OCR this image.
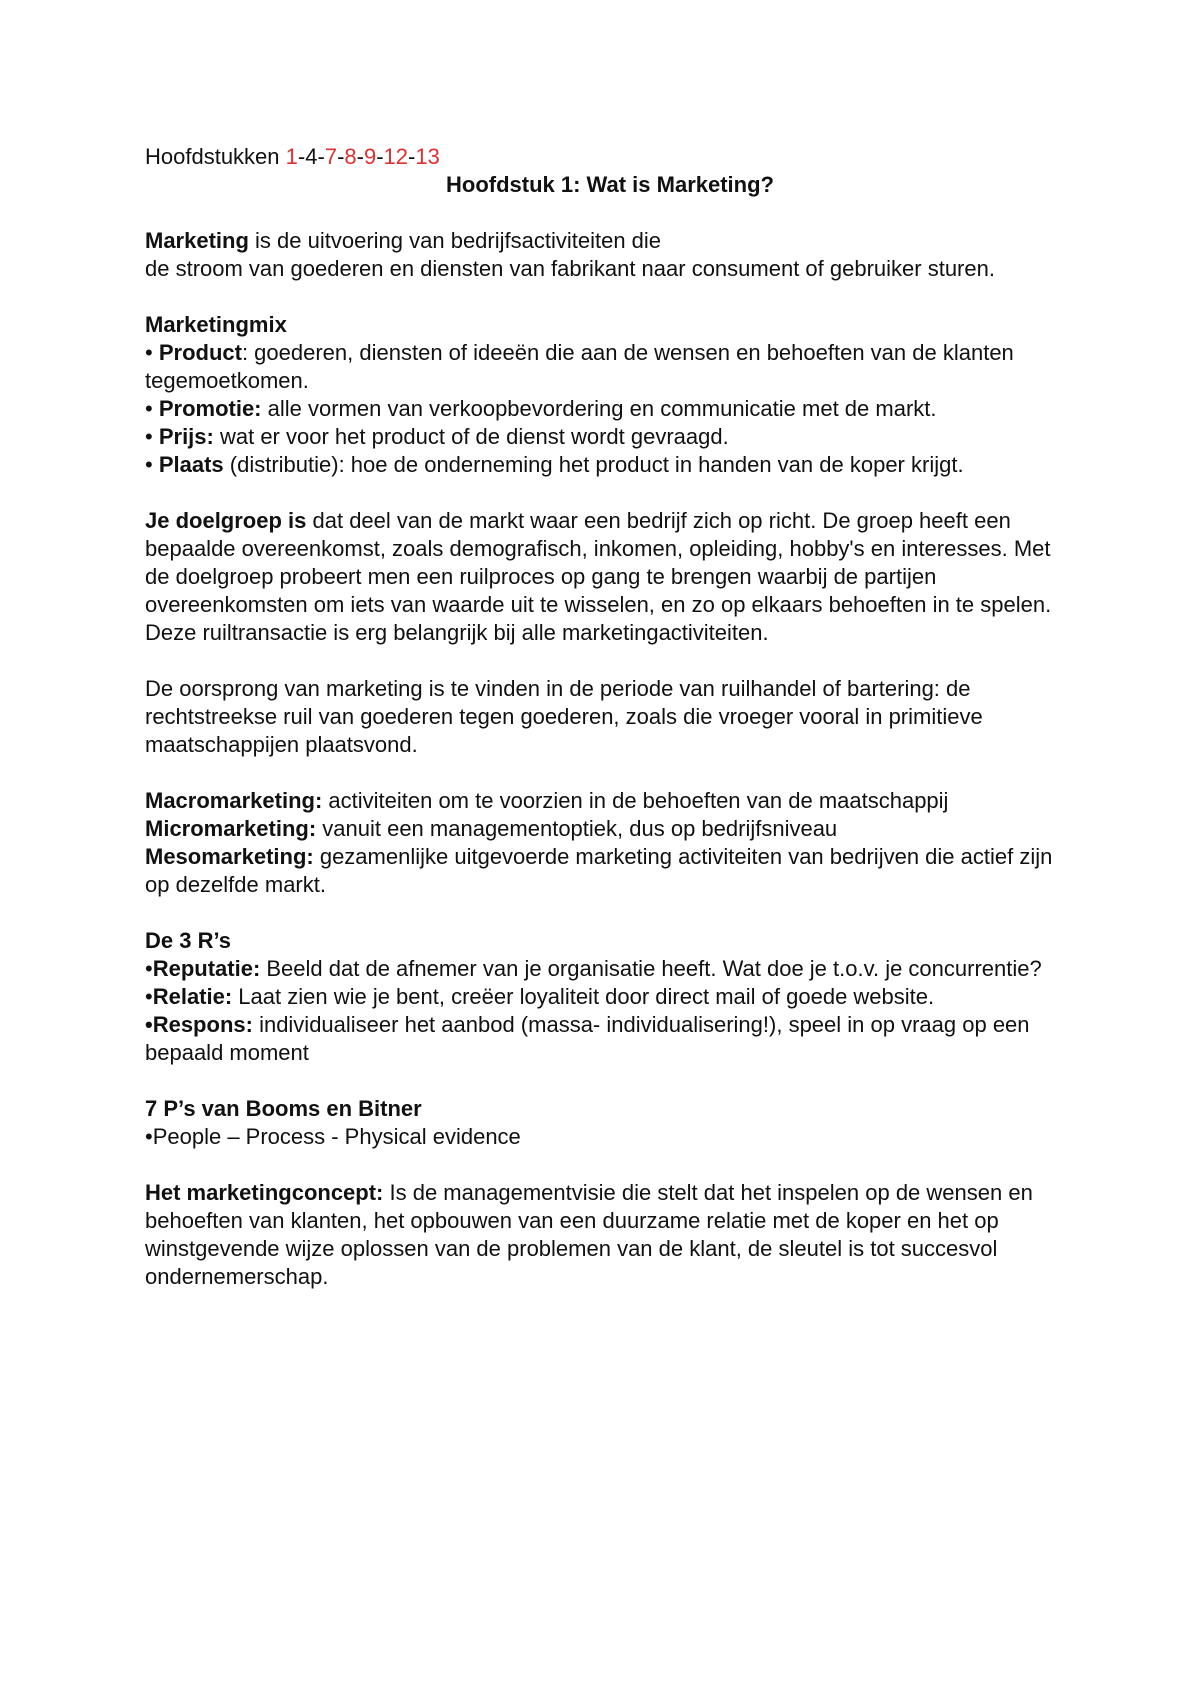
Hoofdstukken 1-4-7-8-9-12-13

Hoofdstuk 1: Wat is Marketing?

Marketing is de uitvoering van bedrijfsactiviteiten die
de stroom van goederen en diensten van fabrikant naar consument of gebruiker sturen.

Marketingmix

• Product: goederen, diensten of ideeën die aan de wensen en behoeften van de klanten tegemoetkomen.

• Promotie: alle vormen van verkoopbevordering en communicatie met de markt.

• Prijs: wat er voor het product of de dienst wordt gevraagd.

• Plaats (distributie): hoe de onderneming het product in handen van de koper krijgt.

Je doelgroep is dat deel van de markt waar een bedrijf zich op richt. De groep heeft een bepaalde overeenkomst, zoals demografisch, inkomen, opleiding, hobby's en interesses. Met de doelgroep probeert men een ruilproces op gang te brengen waarbij de partijen overeenkomsten om iets van waarde uit te wisselen, en zo op elkaars behoeften in te spelen. Deze ruiltransactie is erg belangrijk bij alle marketingactiviteiten.

De oorsprong van marketing is te vinden in de periode van ruilhandel of bartering: de rechtstreekse ruil van goederen tegen goederen, zoals die vroeger vooral in primitieve maatschappijen plaatsvond.

Macromarketing: activiteiten om te voorzien in de behoeften van de maatschappij

Micromarketing: vanuit een managementoptiek, dus op bedrijfsniveau

Mesomarketing: gezamenlijke uitgevoerde marketing activiteiten van bedrijven die actief zijn op dezelfde markt.

De 3 R’s

•Reputatie: Beeld dat de afnemer van je organisatie heeft. Wat doe je t.o.v. je concurrentie?

•Relatie: Laat zien wie je bent, creëer loyaliteit door direct mail of goede website.

•Respons: individualiseer het aanbod (massa- individualisering!), speel in op vraag op een bepaald moment

7 P’s van Booms en Bitner

•People – Process - Physical evidence

Het marketingconcept: Is de managementvisie die stelt dat het inspelen op de wensen en behoeften van klanten, het opbouwen van een duurzame relatie met de koper en het op winstgevende wijze oplossen van de problemen van de klant, de sleutel is tot succesvol ondernemerschap.
